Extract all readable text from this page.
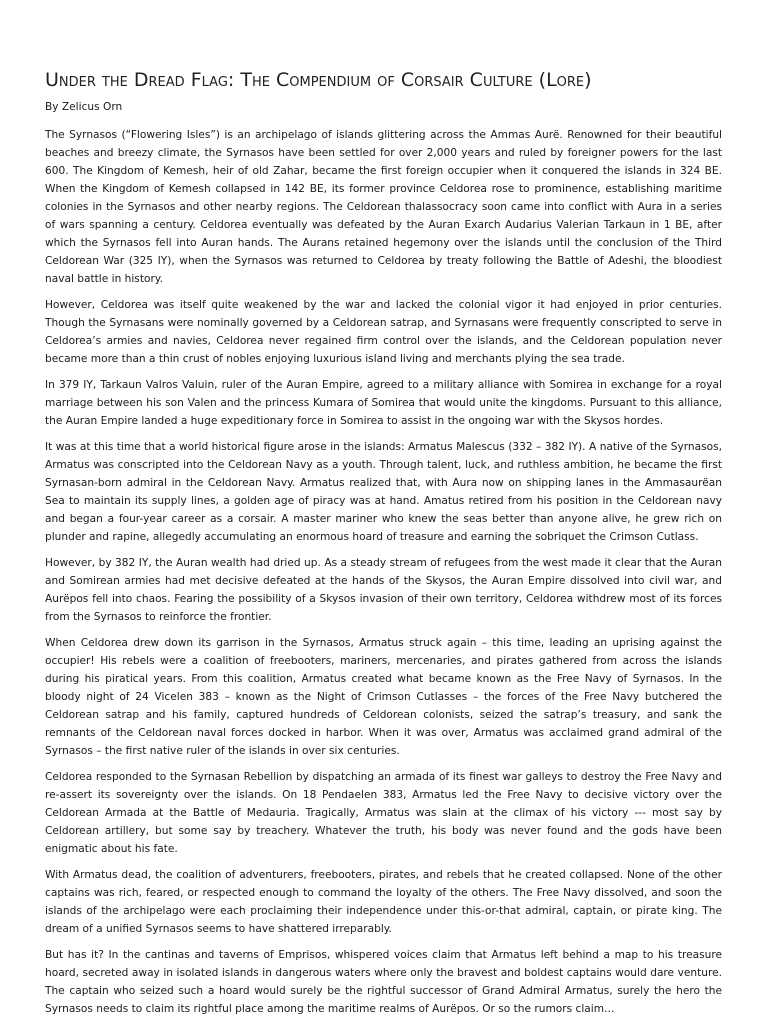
Under the Dread Flag: The Compendium of Corsair Culture (Lore)
By Zelicus Orn

The Syrnasos (“Flowering Isles”) is an archipelago of islands glittering across the Ammas Aurë. Renowned for their beautiful beaches and breezy climate, the Syrnasos have been settled for over 2,000 years and ruled by foreigner powers for the last 600. The Kingdom of Kemesh, heir of old Zahar, became the first foreign occupier when it conquered the islands in 324 BE. When the Kingdom of Kemesh collapsed in 142 BE, its former province Celdorea rose to prominence, establishing maritime colonies in the Syrnasos and other nearby regions. The Celdorean thalassocracy soon came into conflict with Aura in a series of wars spanning a century. Celdorea eventually was defeated by the Auran Exarch Audarius Valerian Tarkaun in 1 BE, after which the Syrnasos fell into Auran hands. The Aurans retained hegemony over the islands until the conclusion of the Third Celdorean War (325 IY), when the Syrnasos was returned to Celdorea by treaty following the Battle of Adeshi, the bloodiest naval battle in history.

However, Celdorea was itself quite weakened by the war and lacked the colonial vigor it had enjoyed in prior centuries. Though the Syrnasans were nominally governed by a Celdorean satrap, and Syrnasans were frequently conscripted to serve in Celdorea’s armies and navies, Celdorea never regained firm control over the islands, and the Celdorean population never became more than a thin crust of nobles enjoying luxurious island living and merchants plying the sea trade.

In 379 IY, Tarkaun Valros Valuin, ruler of the Auran Empire, agreed to a military alliance with Somirea in exchange for a royal marriage between his son Valen and the princess Kumara of Somirea that would unite the kingdoms. Pursuant to this alliance, the Auran Empire landed a huge expeditionary force in Somirea to assist in the ongoing war with the Skysos hordes.

It was at this time that a world historical figure arose in the islands: Armatus Malescus (332 – 382 IY). A native of the Syrnasos, Armatus was conscripted into the Celdorean Navy as a youth. Through talent, luck, and ruthless ambition, he became the first Syrnasan-born admiral in the Celdorean Navy. Armatus realized that, with Aura now on shipping lanes in the Ammasaurëan Sea to maintain its supply lines, a golden age of piracy was at hand. Amatus retired from his position in the Celdorean navy and began a four-year career as a corsair. A master mariner who knew the seas better than anyone alive, he grew rich on plunder and rapine, allegedly accumulating an enormous hoard of treasure and earning the sobriquet the Crimson Cutlass.

However, by 382 IY, the Auran wealth had dried up. As a steady stream of refugees from the west made it clear that the Auran and Somirean armies had met decisive defeated at the hands of the Skysos, the Auran Empire dissolved into civil war, and Aurëpos fell into chaos. Fearing the possibility of a Skysos invasion of their own territory, Celdorea withdrew most of its forces from the Syrnasos to reinforce the frontier.

When Celdorea drew down its garrison in the Syrnasos, Armatus struck again – this time, leading an uprising against the occupier! His rebels were a coalition of freebooters, mariners, mercenaries, and pirates gathered from across the islands during his piratical years. From this coalition, Armatus created what became known as the Free Navy of Syrnasos. In the bloody night of 24 Vicelen 383 – known as the Night of Crimson Cutlasses – the forces of the Free Navy butchered the Celdorean satrap and his family, captured hundreds of Celdorean colonists, seized the satrap’s treasury, and sank the remnants of the Celdorean naval forces docked in harbor. When it was over, Armatus was acclaimed grand admiral of the Syrnasos – the first native ruler of the islands in over six centuries.

Celdorea responded to the Syrnasan Rebellion by dispatching an armada of its finest war galleys to destroy the Free Navy and re-assert its sovereignty over the islands. On 18 Pendaelen 383, Armatus led the Free Navy to decisive victory over the Celdorean Armada at the Battle of Medauria. Tragically, Armatus was slain at the climax of his victory --- most say by Celdorean artillery, but some say by treachery. Whatever the truth, his body was never found and the gods have been enigmatic about his fate.

With Armatus dead, the coalition of adventurers, freebooters, pirates, and rebels that he created collapsed. None of the other captains was rich, feared, or respected enough to command the loyalty of the others. The Free Navy dissolved, and soon the islands of the archipelago were each proclaiming their independence under this-or-that admiral, captain, or pirate king. The dream of a unified Syrnasos seems to have shattered irreparably.

But has it? In the cantinas and taverns of Emprisos, whispered voices claim that Armatus left behind a map to his treasure hoard, secreted away in isolated islands in dangerous waters where only the bravest and boldest captains would dare venture. The captain who seized such a hoard would surely be the rightful successor of Grand Admiral Armatus, surely the hero the Syrnasos needs to claim its rightful place among the maritime realms of Aurëpos. Or so the rumors claim…
